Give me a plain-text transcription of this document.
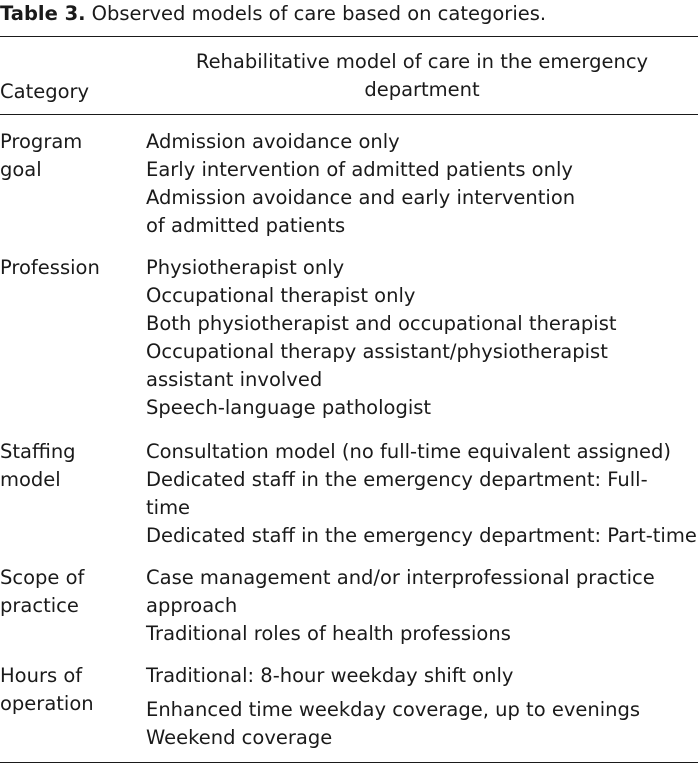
Table 3. Observed models of care based on categories.
Rehabilitative model of care in the emergency
department
Category
Program
goal
Admission avoidance only
Early intervention of admitted patients only
Admission avoidance and early intervention
of admitted patients
Profession	Physiotherapist only
Occupational therapist only
Both physiotherapist and occupational therapist
Occupational therapy assistant/physiotherapist
assistant involved
Speech-language pathologist
Staffing
model
Consultation model (no full-time equivalent assigned)
Dedicated staff in the emergency department: Full-
time
Dedicated staff in the emergency department: Part-time
Scope of
practice
Case management and/or interprofessional practice
approach
Traditional roles of health professions
Hours of
operation
Traditional: 8-hour weekday shift only
Enhanced time weekday coverage, up to evenings
Weekend coverage
